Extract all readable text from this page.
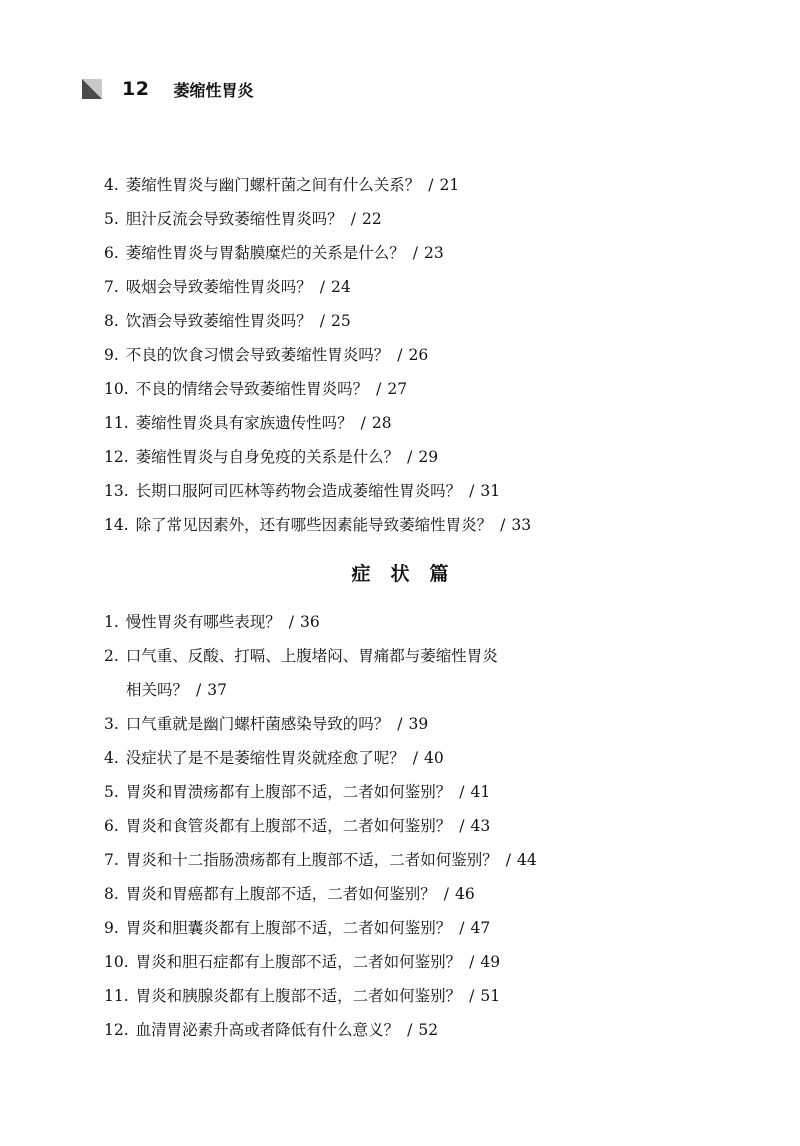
12 萎缩性胃炎
4. 萎缩性胃炎与幽门螺杆菌之间有什么关系？ / 21
5. 胆汁反流会导致萎缩性胃炎吗？ / 22
6. 萎缩性胃炎与胃黏膜糜烂的关系是什么？ / 23
7. 吸烟会导致萎缩性胃炎吗？ / 24
8. 饮酒会导致萎缩性胃炎吗？ / 25
9. 不良的饮食习惯会导致萎缩性胃炎吗？ / 26
10. 不良的情绪会导致萎缩性胃炎吗？ / 27
11. 萎缩性胃炎具有家族遗传性吗？ / 28
12. 萎缩性胃炎与自身免疫的关系是什么？ / 29
13. 长期口服阿司匹林等药物会造成萎缩性胃炎吗？ / 31
14. 除了常见因素外，还有哪些因素能导致萎缩性胃炎？ / 33
症状篇
1. 慢性胃炎有哪些表现？ / 36
2. 口气重、反酸、打嗝、上腹堵闷、胃痛都与萎缩性胃炎
相关吗？ / 37
3. 口气重就是幽门螺杆菌感染导致的吗？ / 39
4. 没症状了是不是萎缩性胃炎就痊愈了呢？ / 40
5. 胃炎和胃溃疡都有上腹部不适，二者如何鉴别？ / 41
6. 胃炎和食管炎都有上腹部不适，二者如何鉴别？ / 43
7. 胃炎和十二指肠溃疡都有上腹部不适，二者如何鉴别？ / 44
8. 胃炎和胃癌都有上腹部不适，二者如何鉴别？ / 46
9. 胃炎和胆囊炎都有上腹部不适，二者如何鉴别？ / 47
10. 胃炎和胆石症都有上腹部不适，二者如何鉴别？ / 49
11. 胃炎和胰腺炎都有上腹部不适，二者如何鉴别？ / 51
12. 血清胃泌素升高或者降低有什么意义？ / 52
